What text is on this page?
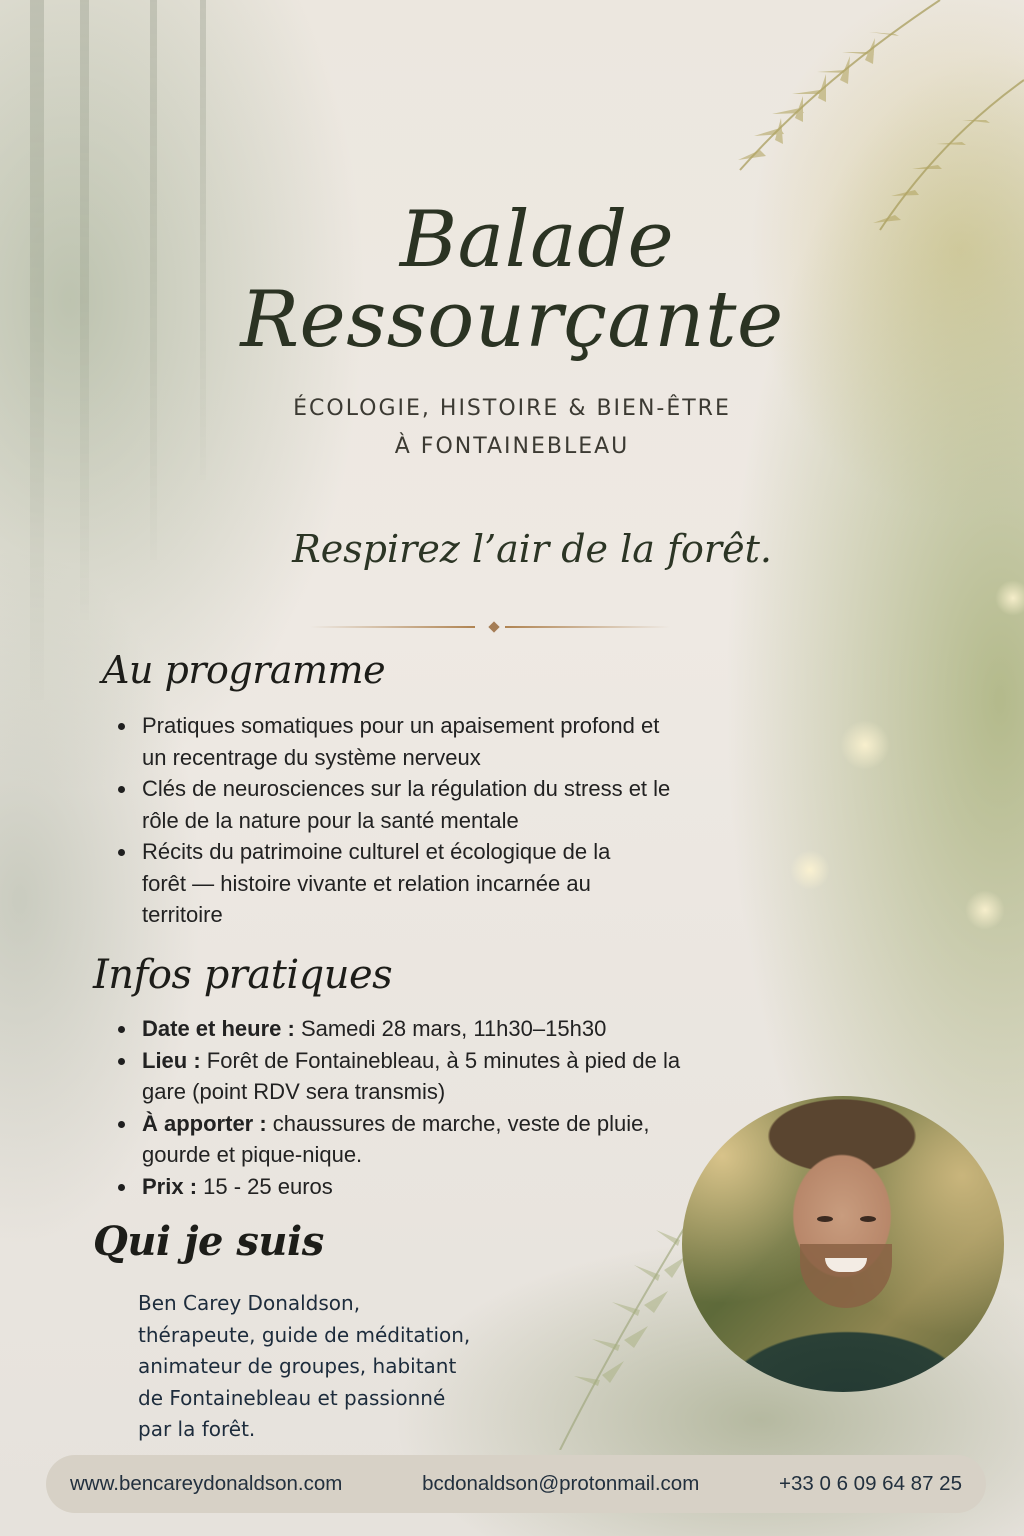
Balade
Ressourçante
ÉCOLOGIE, HISTOIRE & BIEN-ÊTRE
À FONTAINEBLEAU
Respirez l’air de la forêt.
Au programme
Pratiques somatiques pour un apaisement profond et
un recentrage du système nerveux
Clés de neurosciences sur la régulation du stress et le
rôle de la nature pour la santé mentale
Récits du patrimoine culturel et écologique de la
forêt — histoire vivante et relation incarnée au
territoire
Infos pratiques
Date et heure : Samedi 28 mars, 11h30–15h30
Lieu : Forêt de Fontainebleau, à 5 minutes à pied de la
gare (point RDV sera transmis)
À apporter : chaussures de marche, veste de pluie,
gourde et pique-nique.
Prix : 15 - 25 euros
Qui je suis
Ben Carey Donaldson,
thérapeute, guide de méditation,
animateur de groupes, habitant
de Fontainebleau et passionné
par la forêt.
www.bencareydonaldson.com	bcdonaldson@protonmail.com	+33 0 6 09 64 87 25
